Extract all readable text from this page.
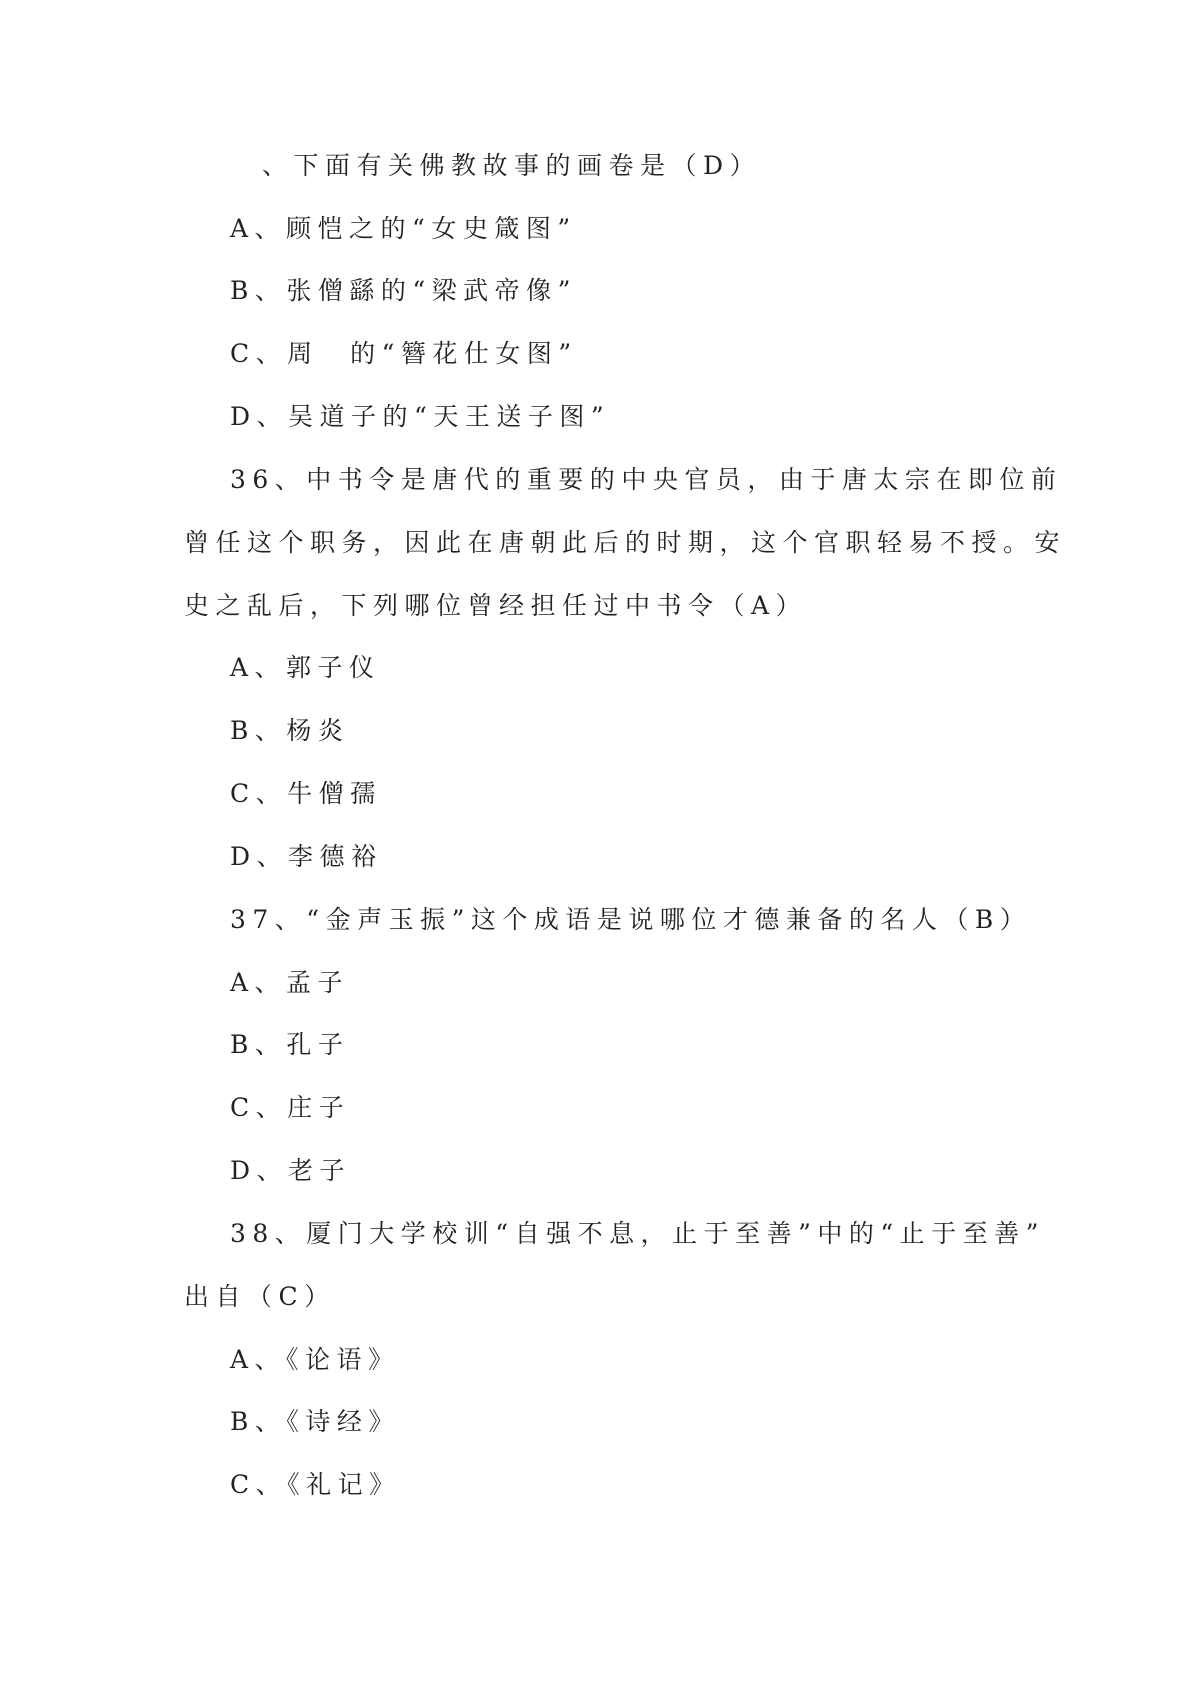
、下面有关佛教故事的画卷是（D）
A、顾恺之的“女史箴图”
B、张僧繇的“梁武帝像”
C、周　的“簪花仕女图”
D、吴道子的“天王送子图”
36、中书令是唐代的重要的中央官员，由于唐太宗在即位前
曾任这个职务，因此在唐朝此后的时期，这个官职轻易不授。安
史之乱后，下列哪位曾经担任过中书令（A）
A、郭子仪
B、杨炎
C、牛僧孺
D、李德裕
37、“金声玉振”这个成语是说哪位才德兼备的名人（B）
A、孟子
B、孔子
C、庄子
D、老子
38、厦门大学校训“自强不息，止于至善”中的“止于至善”
出自（C）
A、《论语》
B、《诗经》
C、《礼记》
